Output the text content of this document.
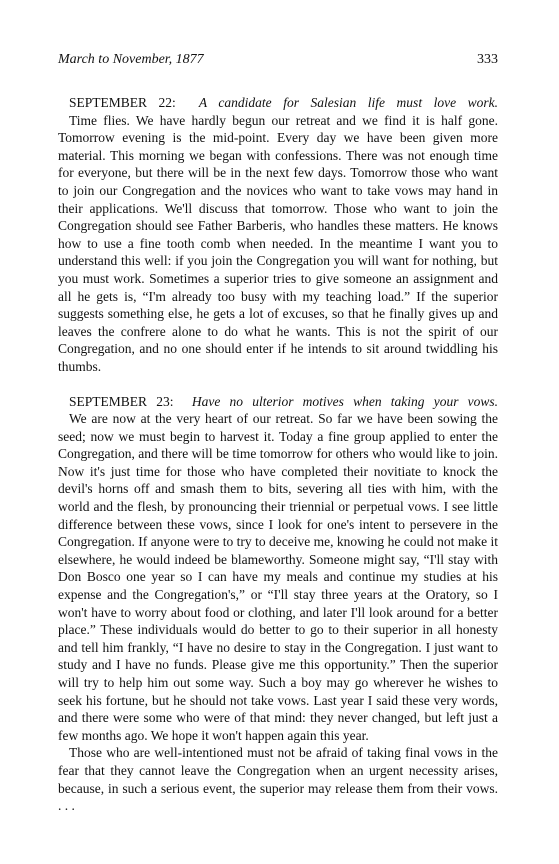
March to November, 1877	333

SEPTEMBER 22: A candidate for Salesian life must love work.

Time flies. We have hardly begun our retreat and we find it is half gone. Tomorrow evening is the mid-point. Every day we have been given more material. This morning we began with confessions. There was not enough time for everyone, but there will be in the next few days. Tomorrow those who want to join our Congregation and the novices who want to take vows may hand in their applications. We'll discuss that tomorrow. Those who want to join the Congregation should see Father Barberis, who handles these matters. He knows how to use a fine tooth comb when needed. In the meantime I want you to understand this well: if you join the Congregation you will want for nothing, but you must work. Sometimes a superior tries to give someone an assignment and all he gets is, “I'm already too busy with my teaching load.” If the superior suggests something else, he gets a lot of excuses, so that he finally gives up and leaves the confrere alone to do what he wants. This is not the spirit of our Congregation, and no one should enter if he intends to sit around twiddling his thumbs.

SEPTEMBER 23: Have no ulterior motives when taking your vows.

We are now at the very heart of our retreat. So far we have been sowing the seed; now we must begin to harvest it. Today a fine group applied to enter the Congregation, and there will be time tomorrow for others who would like to join. Now it's just time for those who have completed their novitiate to knock the devil's horns off and smash them to bits, severing all ties with him, with the world and the flesh, by pronouncing their triennial or perpetual vows. I see little difference between these vows, since I look for one's intent to persevere in the Congregation. If anyone were to try to deceive me, knowing he could not make it elsewhere, he would indeed be blameworthy. Someone might say, “I'll stay with Don Bosco one year so I can have my meals and continue my studies at his expense and the Congregation's,” or “I'll stay three years at the Oratory, so I won't have to worry about food or clothing, and later I'll look around for a better place.” These individuals would do better to go to their superior in all honesty and tell him frankly, “I have no desire to stay in the Congregation. I just want to study and I have no funds. Please give me this opportunity.” Then the superior will try to help him out some way. Such a boy may go wherever he wishes to seek his fortune, but he should not take vows. Last year I said these very words, and there were some who were of that mind: they never changed, but left just a few months ago. We hope it won't happen again this year.

Those who are well-intentioned must not be afraid of taking final vows in the fear that they cannot leave the Congregation when an urgent necessity arises, because, in such a serious event, the superior may release them from their vows. . . .
